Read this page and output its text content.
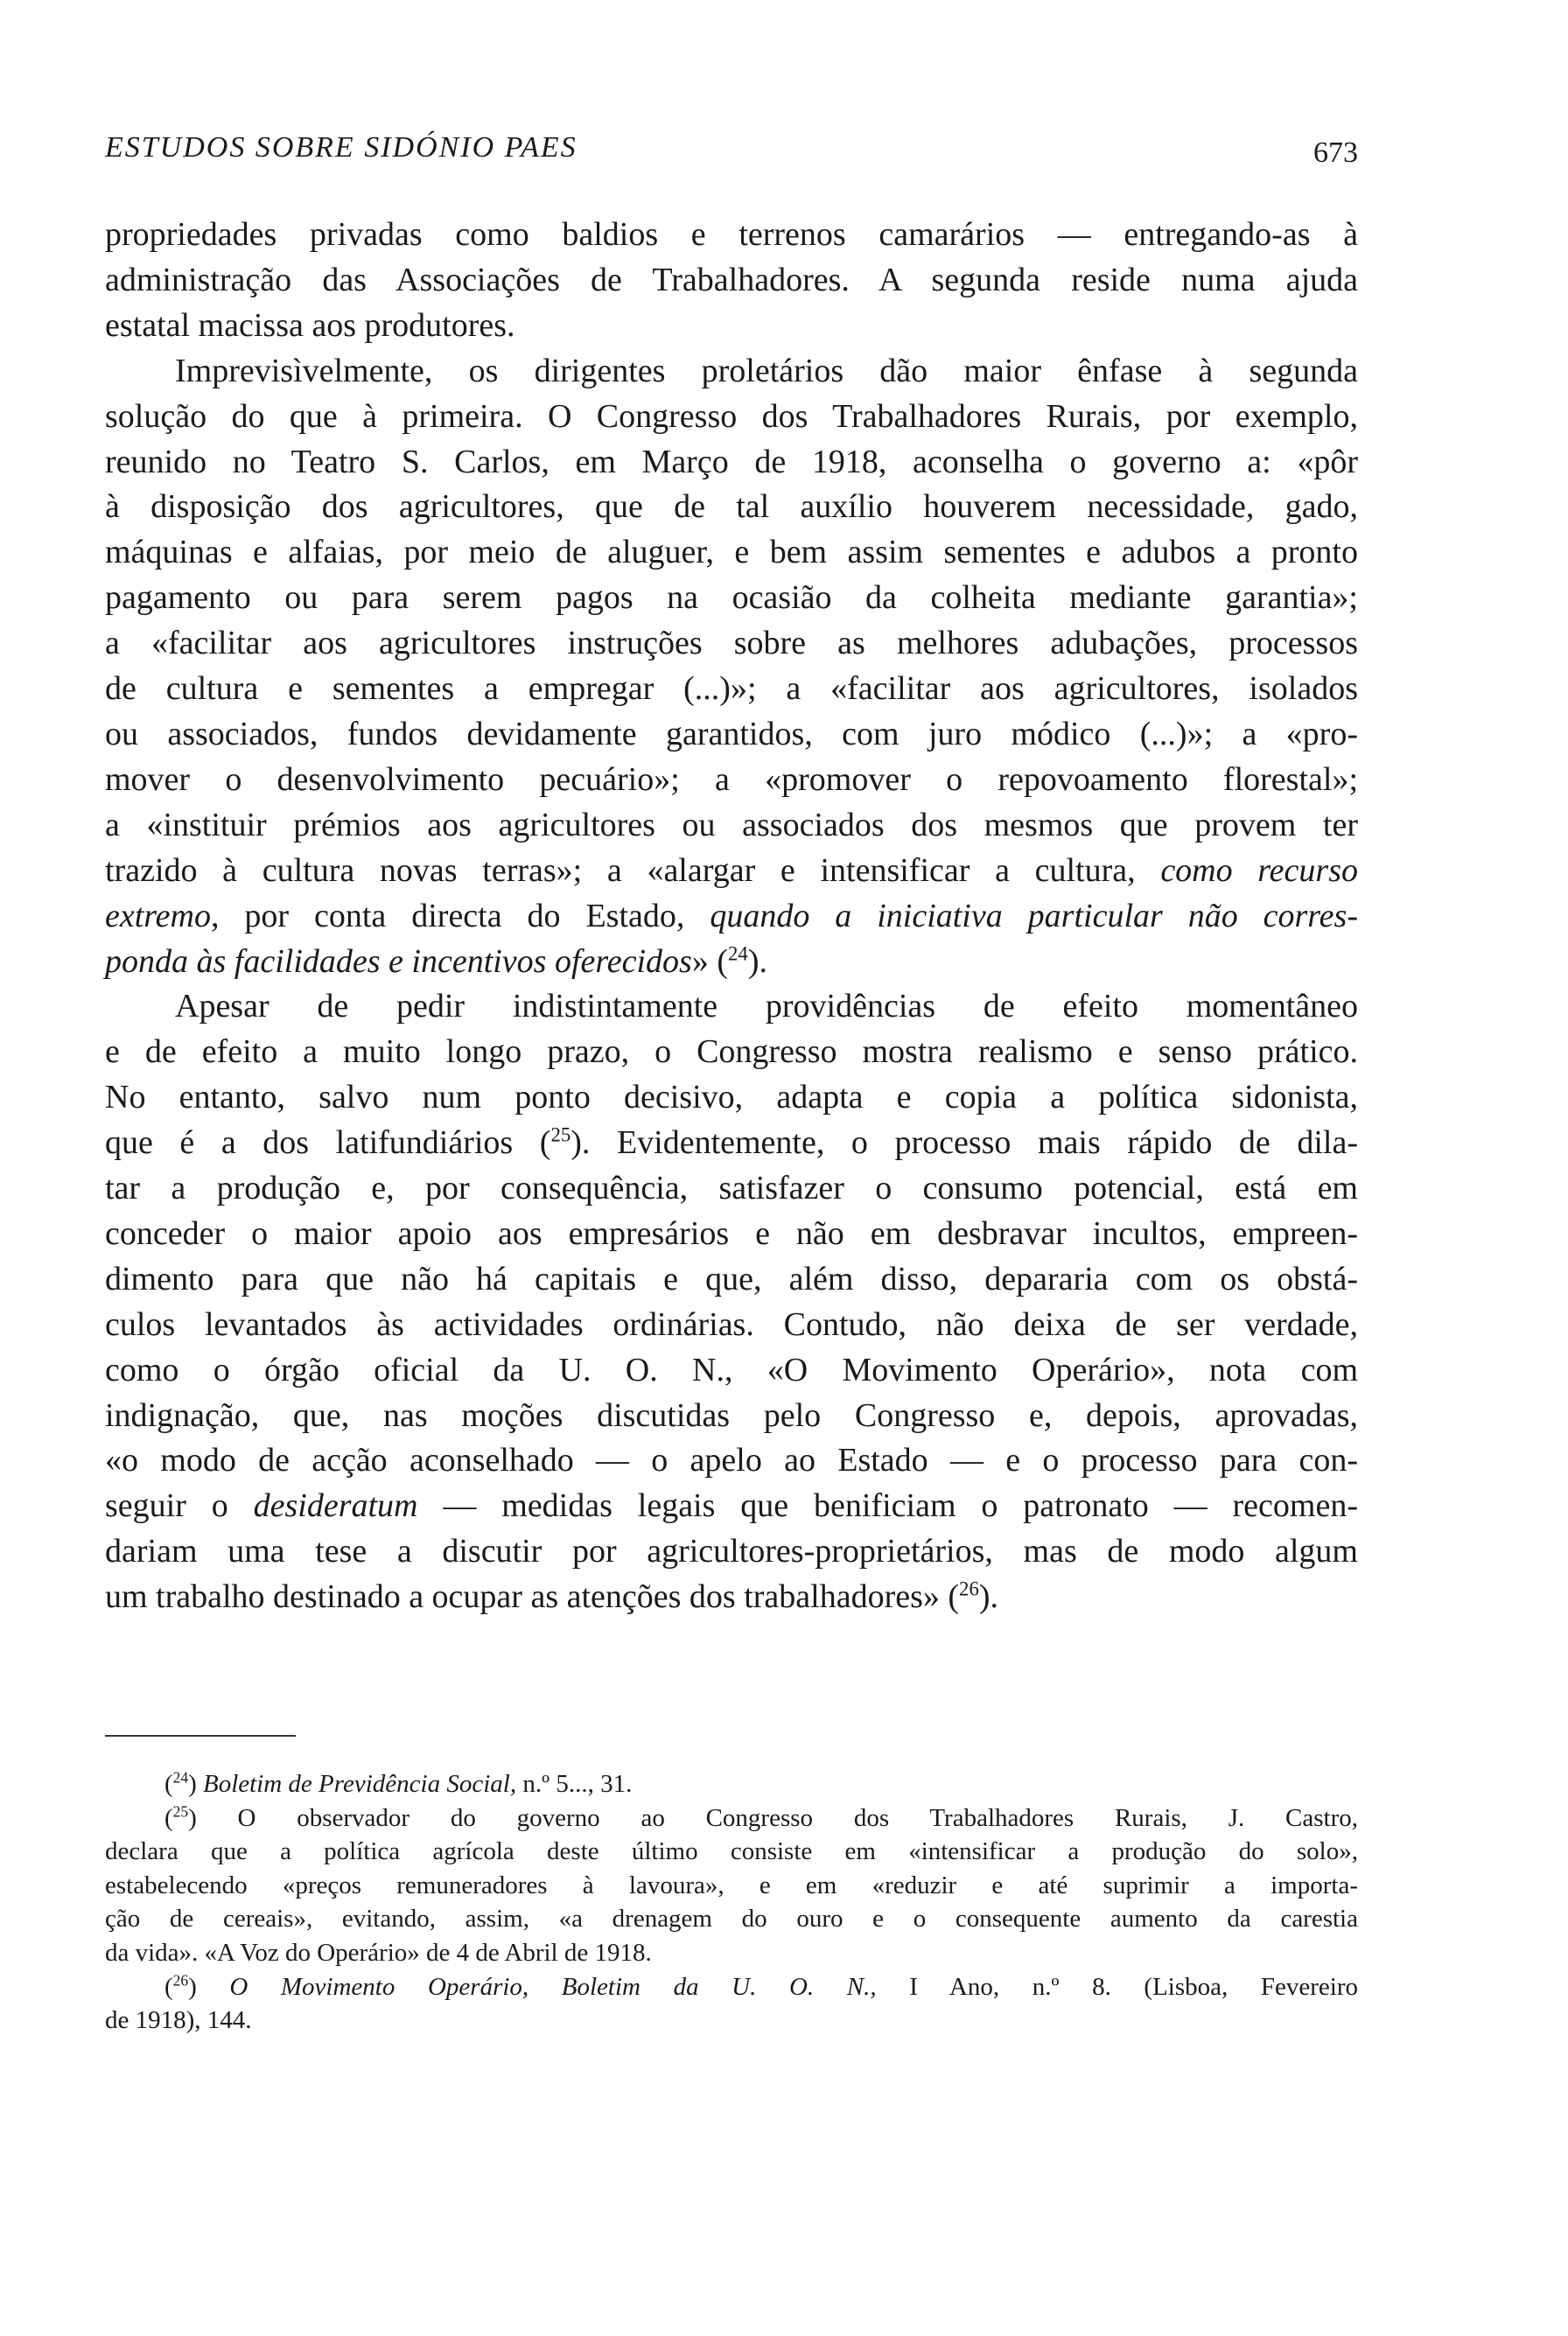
ESTUDOS SOBRE SIDÓNIO PAES	673

propriedades privadas como baldios e terrenos camarários — entregando-as à
administração das Associações de Trabalhadores. A segunda reside numa ajuda
estatal macissa aos produtores.

Imprevisìvelmente, os dirigentes proletários dão maior ênfase à segunda
solução do que à primeira. O Congresso dos Trabalhadores Rurais, por exemplo,
reunido no Teatro S. Carlos, em Março de 1918, aconselha o governo a: «pôr
à disposição dos agricultores, que de tal auxílio houverem necessidade, gado,
máquinas e alfaias, por meio de aluguer, e bem assim sementes e adubos a pronto
pagamento ou para serem pagos na ocasião da colheita mediante garantia»;
a «facilitar aos agricultores instruções sobre as melhores adubações, processos
de cultura e sementes a empregar (...)»; a «facilitar aos agricultores, isolados
ou associados, fundos devidamente garantidos, com juro módico (...)»; a «pro-
mover o desenvolvimento pecuário»; a «promover o repovoamento florestal»;
a «instituir prémios aos agricultores ou associados dos mesmos que provem ter
trazido à cultura novas terras»; a «alargar e intensificar a cultura, como recurso
extremo, por conta directa do Estado, quando a iniciativa particular não corres-
ponda às facilidades e incentivos oferecidos» ($^{24}$).

Apesar de pedir indistintamente providências de efeito momentâneo
e de efeito a muito longo prazo, o Congresso mostra realismo e senso prático.
No entanto, salvo num ponto decisivo, adapta e copia a política sidonista,
que é a dos latifundiários ($^{25}$). Evidentemente, o processo mais rápido de dila-
tar a produção e, por consequência, satisfazer o consumo potencial, está em
conceder o maior apoio aos empresários e não em desbravar incultos, empreen-
dimento para que não há capitais e que, além disso, depararia com os obstá-
culos levantados às actividades ordinárias. Contudo, não deixa de ser verdade,
como o órgão oficial da U. O. N., «O Movimento Operário», nota com
indignação, que, nas moções discutidas pelo Congresso e, depois, aprovadas,
«o modo de acção aconselhado — o apelo ao Estado — e o processo para con-
seguir o desideratum — medidas legais que benificiam o patronato — recomen-
dariam uma tese a discutir por agricultores-proprietários, mas de modo algum
um trabalho destinado a ocupar as atenções dos trabalhadores» ($^{26}$).

($^{24}$) Boletim de Previdência Social, n.º 5..., 31.

($^{25}$) O observador do governo ao Congresso dos Trabalhadores Rurais, J. Castro,
declara que a política agrícola deste último consiste em «intensificar a produção do solo»,
estabelecendo «preços remuneradores à lavoura», e em «reduzir e até suprimir a importa-
ção de cereais», evitando, assim, «a drenagem do ouro e o consequente aumento da carestia
da vida». «A Voz do Operário» de 4 de Abril de 1918.

($^{26}$) O Movimento Operário, Boletim da U. O. N., I Ano, n.º 8. (Lisboa, Fevereiro
de 1918), 144.
